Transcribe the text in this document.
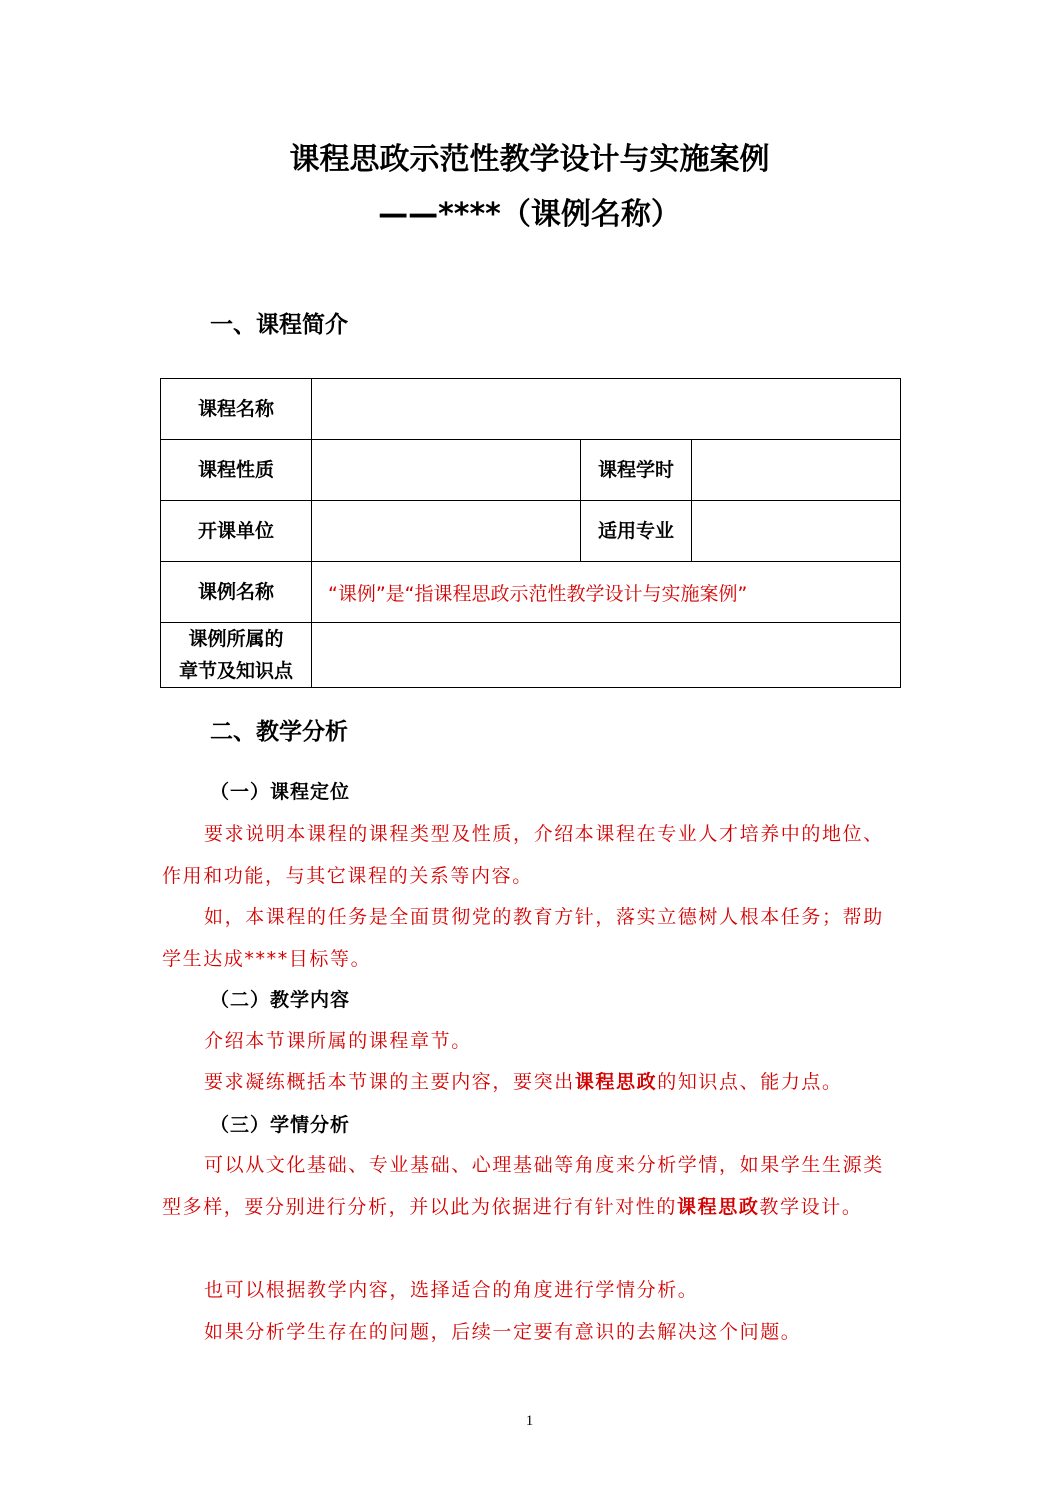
课程思政示范性教学设计与实施案例
——****（课例名称）
一、课程简介
课程名称			
课程性质		课程学时	
开课单位		适用专业	
课例名称	“课例”是“指课程思政示范性教学设计与实施案例”		

课例所属的
章节及知识点			

二、教学分析
（一）课程定位
要求说明本课程的课程类型及性质，介绍本课程在专业人才培养中的地位、作用和功能，与其它课程的关系等内容。
如，本课程的任务是全面贯彻党的教育方针，落实立德树人根本任务；帮助学生达成****目标等。
（二）教学内容
介绍本节课所属的课程章节。
要求凝练概括本节课的主要内容，要突出课程思政的知识点、能力点。
（三）学情分析
可以从文化基础、专业基础、心理基础等角度来分析学情，如果学生生源类型多样，要分别进行分析，并以此为依据进行有针对性的课程思政教学设计。
也可以根据教学内容，选择适合的角度进行学情分析。
如果分析学生存在的问题，后续一定要有意识的去解决这个问题。
1
